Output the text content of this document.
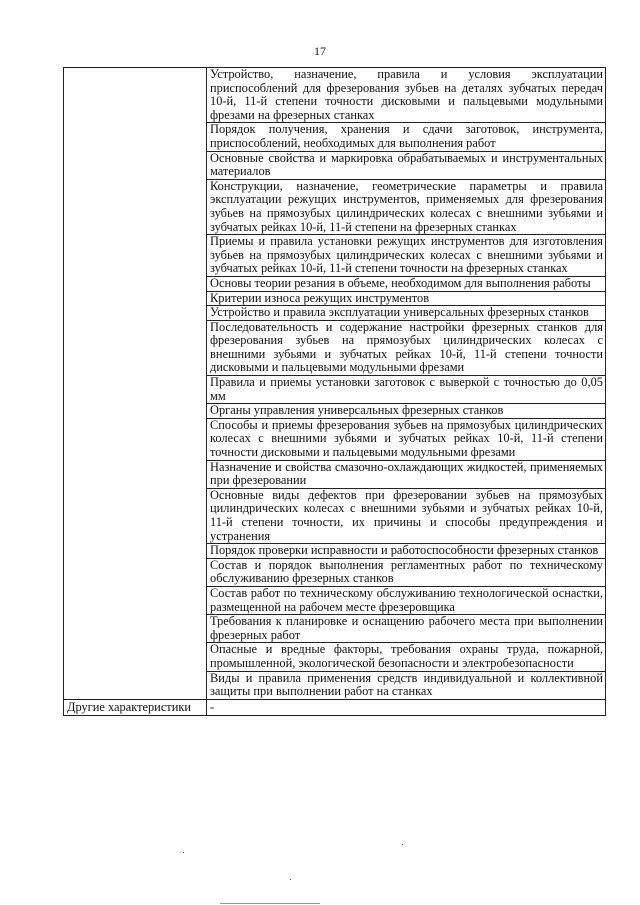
17
	Устройство, назначение, правила и условия эксплуатации приспособлений для фрезерования зубьев на деталях зубчатых передач 10-й, 11-й степени точности дисковыми и пальцевыми модульными фрезами на фрезерных станках
	Порядок получения, хранения и сдачи заготовок, инструмента, приспособлений, необходимых для выполнения работ
	Основные свойства и маркировка обрабатываемых и инструментальных материалов
	Конструкции, назначение, геометрические параметры и правила эксплуатации режущих инструментов, применяемых для фрезерования зубьев на прямозубых цилиндрических колесах с внешними зубьями и зубчатых рейках 10-й, 11-й степени на фрезерных станках
	Приемы и правила установки режущих инструментов для изготовления зубьев на прямозубых цилиндрических колесах с внешними зубьями и зубчатых рейках 10-й, 11-й степени точности на фрезерных станках
	Основы теории резания в объеме, необходимом для выполнения работы
	Критерии износа режущих инструментов
	Устройство и правила эксплуатации универсальных фрезерных станков
	Последовательность и содержание настройки фрезерных станков для фрезерования зубьев на прямозубых цилиндрических колесах с внешними зубьями и зубчатых рейках 10-й, 11-й степени точности дисковыми и пальцевыми модульными фрезами
	Правила и приемы установки заготовок с выверкой с точностью до 0,05 мм
	Органы управления универсальных фрезерных станков
	Способы и приемы фрезерования зубьев на прямозубых цилиндрических колесах с внешними зубьями и зубчатых рейках 10-й, 11-й степени точности дисковыми и пальцевыми модульными фрезами
	Назначение и свойства смазочно-охлаждающих жидкостей, применяемых при фрезеровании
	Основные виды дефектов при фрезеровании зубьев на прямозубых цилиндрических колесах с внешними зубьями и зубчатых рейках 10-й, 11-й степени точности, их причины и способы предупреждения и устранения
	Порядок проверки исправности и работоспособности фрезерных станков
	Состав и порядок выполнения регламентных работ по техническому обслуживанию фрезерных станков
	Состав работ по техническому обслуживанию технологической оснастки, размещенной на рабочем месте фрезеровщика
	Требования к планировке и оснащению рабочего места при выполнении фрезерных работ
	Опасные и вредные факторы, требования охраны труда, пожарной, промышленной, экологической безопасности и электробезопасности
	Виды и правила применения средств индивидуальной и коллективной защиты при выполнении работ на станках
Другие характеристики	-
